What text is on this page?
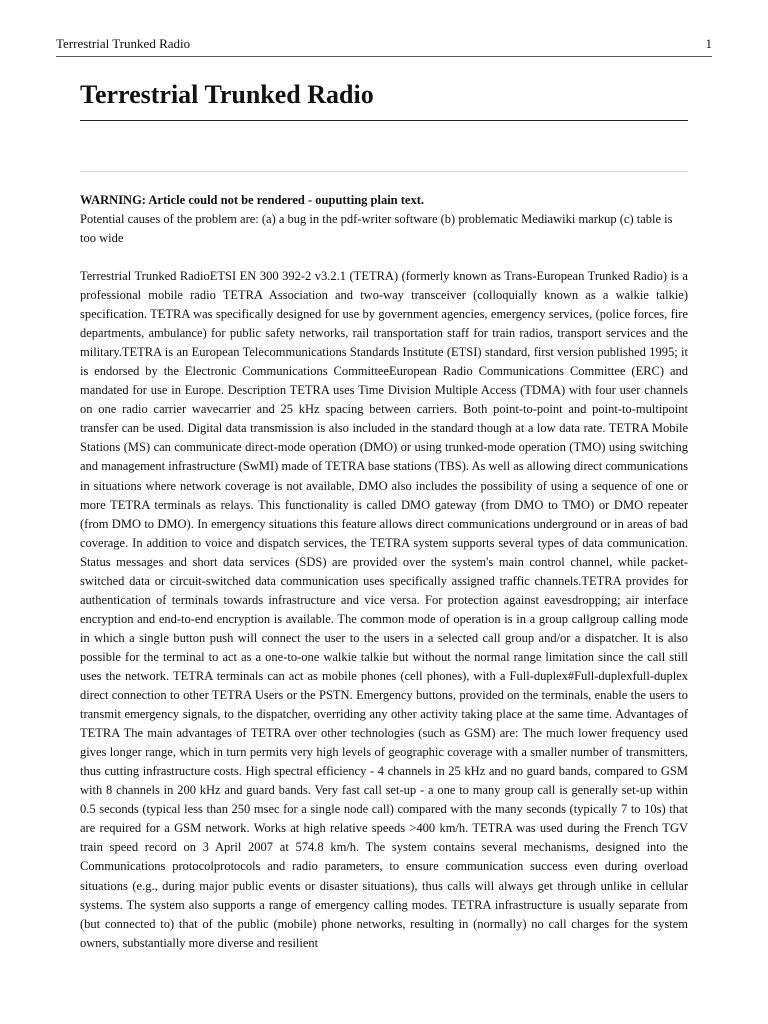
Terrestrial Trunked Radio	1
Terrestrial Trunked Radio
WARNING: Article could not be rendered - ouputting plain text.
Potential causes of the problem are: (a) a bug in the pdf-writer software (b) problematic Mediawiki markup (c) table is too wide

Terrestrial Trunked RadioETSI EN 300 392-2 v3.2.1 (TETRA) (formerly known as Trans-European Trunked Radio) is a professional mobile radio TETRA Association and two-way transceiver (colloquially known as a walkie talkie) specification. TETRA was specifically designed for use by government agencies, emergency services, (police forces, fire departments, ambulance) for public safety networks, rail transportation staff for train radios, transport services and the military.TETRA is an European Telecommunications Standards Institute (ETSI) standard, first version published 1995; it is endorsed by the Electronic Communications CommitteeEuropean Radio Communications Committee (ERC) and mandated for use in Europe. Description TETRA uses Time Division Multiple Access (TDMA) with four user channels on one radio carrier wavecarrier and 25 kHz spacing between carriers. Both point-to-point and point-to-multipoint transfer can be used. Digital data transmission is also included in the standard though at a low data rate. TETRA Mobile Stations (MS) can communicate direct-mode operation (DMO) or using trunked-mode operation (TMO) using switching and management infrastructure (SwMI) made of TETRA base stations (TBS). As well as allowing direct communications in situations where network coverage is not available, DMO also includes the possibility of using a sequence of one or more TETRA terminals as relays. This functionality is called DMO gateway (from DMO to TMO) or DMO repeater (from DMO to DMO). In emergency situations this feature allows direct communications underground or in areas of bad coverage. In addition to voice and dispatch services, the TETRA system supports several types of data communication. Status messages and short data services (SDS) are provided over the system's main control channel, while packet-switched data or circuit-switched data communication uses specifically assigned traffic channels.TETRA provides for authentication of terminals towards infrastructure and vice versa. For protection against eavesdropping; air interface encryption and end-to-end encryption is available. The common mode of operation is in a group callgroup calling mode in which a single button push will connect the user to the users in a selected call group and/or a dispatcher. It is also possible for the terminal to act as a one-to-one walkie talkie but without the normal range limitation since the call still uses the network. TETRA terminals can act as mobile phones (cell phones), with a Full-duplex#Full-duplexfull-duplex direct connection to other TETRA Users or the PSTN. Emergency buttons, provided on the terminals, enable the users to transmit emergency signals, to the dispatcher, overriding any other activity taking place at the same time. Advantages of TETRA The main advantages of TETRA over other technologies (such as GSM) are: The much lower frequency used gives longer range, which in turn permits very high levels of geographic coverage with a smaller number of transmitters, thus cutting infrastructure costs. High spectral efficiency - 4 channels in 25 kHz and no guard bands, compared to GSM with 8 channels in 200 kHz and guard bands. Very fast call set-up - a one to many group call is generally set-up within 0.5 seconds (typical less than 250 msec for a single node call) compared with the many seconds (typically 7 to 10s) that are required for a GSM network. Works at high relative speeds >400 km/h. TETRA was used during the French TGV train speed record on 3 April 2007 at 574.8 km/h. The system contains several mechanisms, designed into the Communications protocolprotocols and radio parameters, to ensure communication success even during overload situations (e.g., during major public events or disaster situations), thus calls will always get through unlike in cellular systems. The system also supports a range of emergency calling modes. TETRA infrastructure is usually separate from (but connected to) that of the public (mobile) phone networks, resulting in (normally) no call charges for the system owners, substantially more diverse and resilient
